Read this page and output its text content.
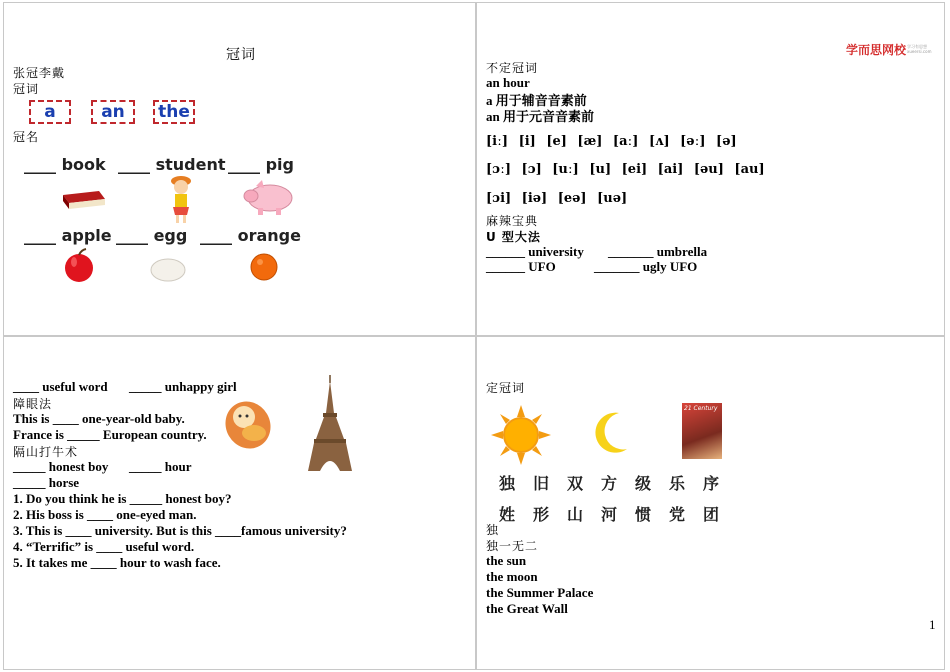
冠词
张冠李戴
冠词
a	an	the
冠名
____ book ____ student ____ pig
____ apple ____ egg ____ orange
学而思网校 学习有思想 xueersi.com
不定冠词
an hour
a 用于辅音音素前
an 用于元音音素前
[iː] [i] [e] [æ] [aː] [ʌ] [əː] [ə]
[ɔː] [ɔ] [uː] [u] [ei] [ai] [əu] [au]
[ɔi] [iə] [eə] [uə]
麻辣宝典
U 型大法
______ university _______ umbrella
______ UFO	_______ ugly UFO
____ useful word _____ unhappy girl
障眼法
This is ____ one-year-old baby.
France is _____ European country.
隔山打牛术
_____ honest boy _____ hour
_____ horse
1. Do you think he is _____ honest boy?
2. His boss is ____ one-eyed man.
3. This is ____ university. But is this ____famous university?
4. “Terrific” is ____ useful word.
5. It takes me ____ hour to wash face.
定冠词
21 Century
独旧双方级乐序
姓形山河惯党团
独
独一无二
the sun
the moon
the Summer Palace
the Great Wall
1
